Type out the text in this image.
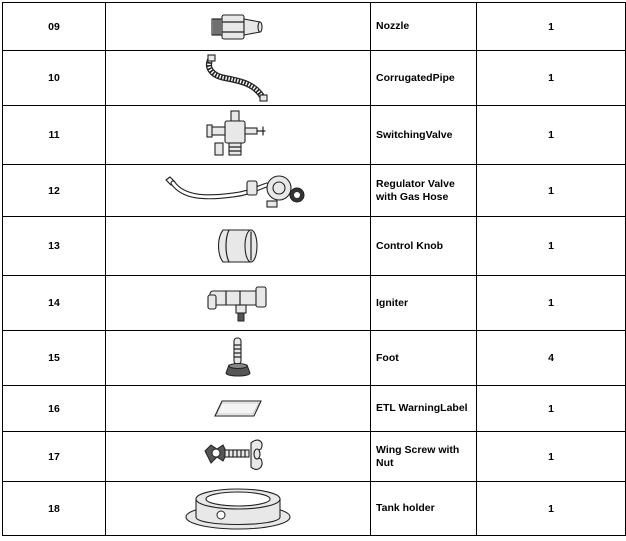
09		Nozzle	1
10		CorrugatedPipe	1
11		SwitchingValve	1
12		Regulator Valve
with Gas Hose	1
13		Control Knob	1
14		Igniter	1
15		Foot	4
16		ETL WarningLabel	1
17		Wing Screw with
Nut	1
18		Tank holder	1
